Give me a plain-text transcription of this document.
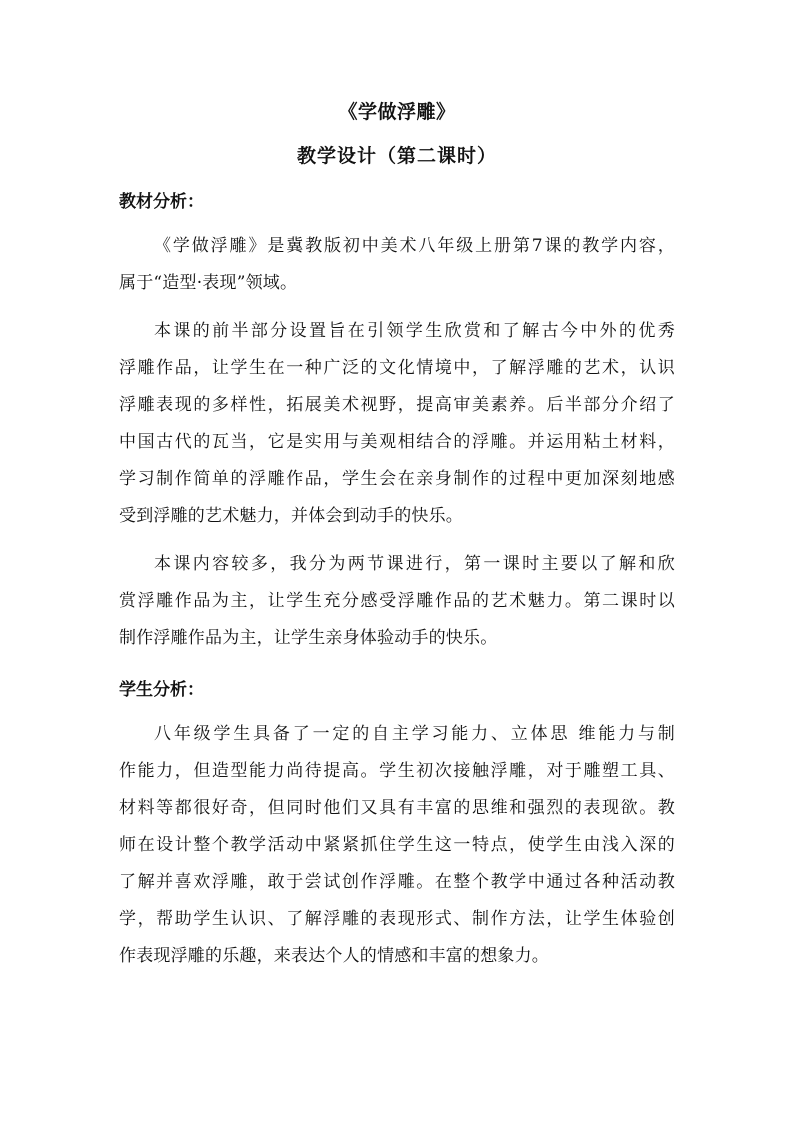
《学做浮雕》
教学设计（第二课时）
教材分析：
《学做浮雕》是冀教版初中美术八年级上册第7课的教学内容，
属于“造型·表现”领域。
本课的前半部分设置旨在引领学生欣赏和了解古今中外的优秀
浮雕作品，让学生在一种广泛的文化情境中，了解浮雕的艺术，认识
浮雕表现的多样性，拓展美术视野，提高审美素养。后半部分介绍了
中国古代的瓦当，它是实用与美观相结合的浮雕。并运用粘土材料，
学习制作简单的浮雕作品，学生会在亲身制作的过程中更加深刻地感
受到浮雕的艺术魅力，并体会到动手的快乐。
本课内容较多，我分为两节课进行，第一课时主要以了解和欣
赏浮雕作品为主，让学生充分感受浮雕作品的艺术魅力。第二课时以
制作浮雕作品为主，让学生亲身体验动手的快乐。
学生分析：
八年级学生具备了一定的自主学习能力、立体思 维能力与制
作能力，但造型能力尚待提高。学生初次接触浮雕，对于雕塑工具、
材料等都很好奇，但同时他们又具有丰富的思维和强烈的表现欲。教
师在设计整个教学活动中紧紧抓住学生这一特点，使学生由浅入深的
了解并喜欢浮雕，敢于尝试创作浮雕。在整个教学中通过各种活动教
学，帮助学生认识、了解浮雕的表现形式、制作方法，让学生体验创
作表现浮雕的乐趣，来表达个人的情感和丰富的想象力。
